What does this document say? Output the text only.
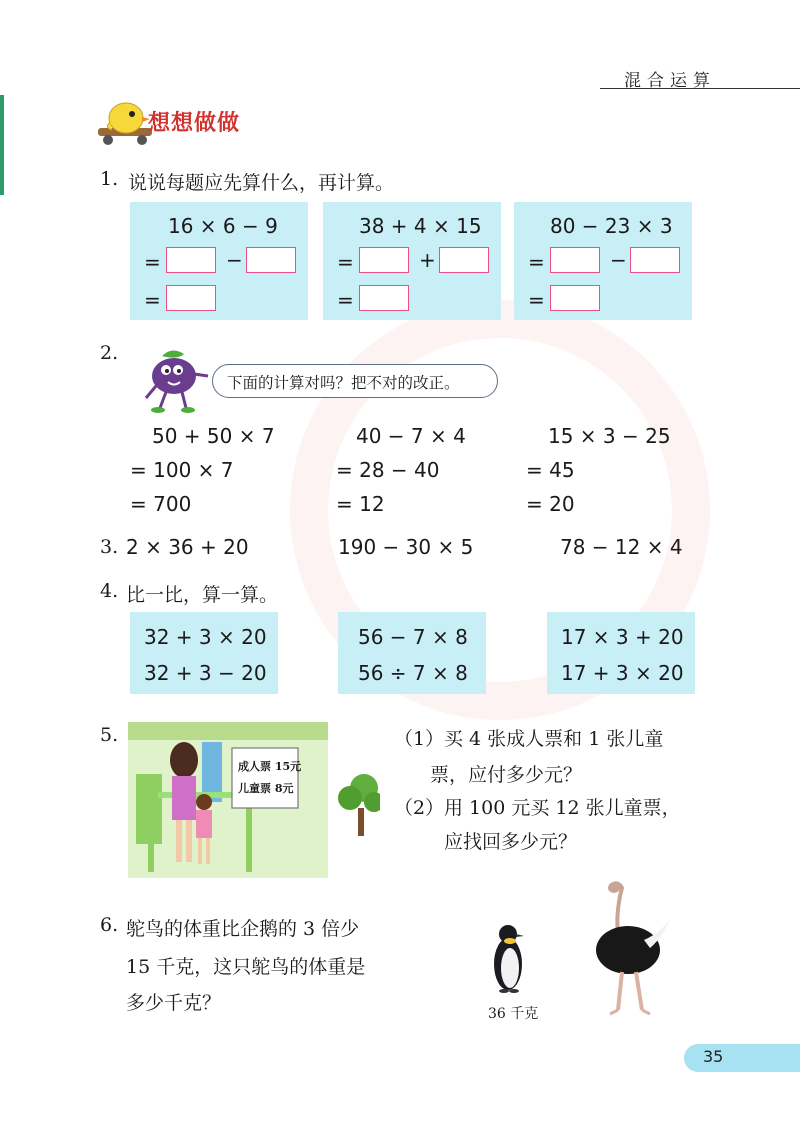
混合运算
想想做做
1. 说说每题应先算什么，再计算。
16 × 6 − 9
=	−
=
38 + 4 × 15
=	+
=
80 − 23 × 3
=	−
=
2.
下面的计算对吗？把不对的改正。
50 + 50 × 7
= 100 × 7
= 700
40 − 7 × 4
= 28 − 40
= 12
15 × 3 − 25
= 45
= 20
3. 2 × 36 + 20	190 − 30 × 5	78 − 12 × 4
4. 比一比，算一算。
32 + 3 × 20
32 + 3 − 20
56 − 7 × 8
56 ÷ 7 × 8
17 × 3 + 20
17 + 3 × 20
5.
成人票 15元
儿童票 8元
（1） 买 4 张成人票和 1 张儿童
票，应付多少元？
（2） 用 100 元买 12 张儿童票，
应找回多少元？
6. 鸵鸟的体重比企鹅的 3 倍少
15 千克，这只鸵鸟的体重是
多少千克？	36 千克
35
